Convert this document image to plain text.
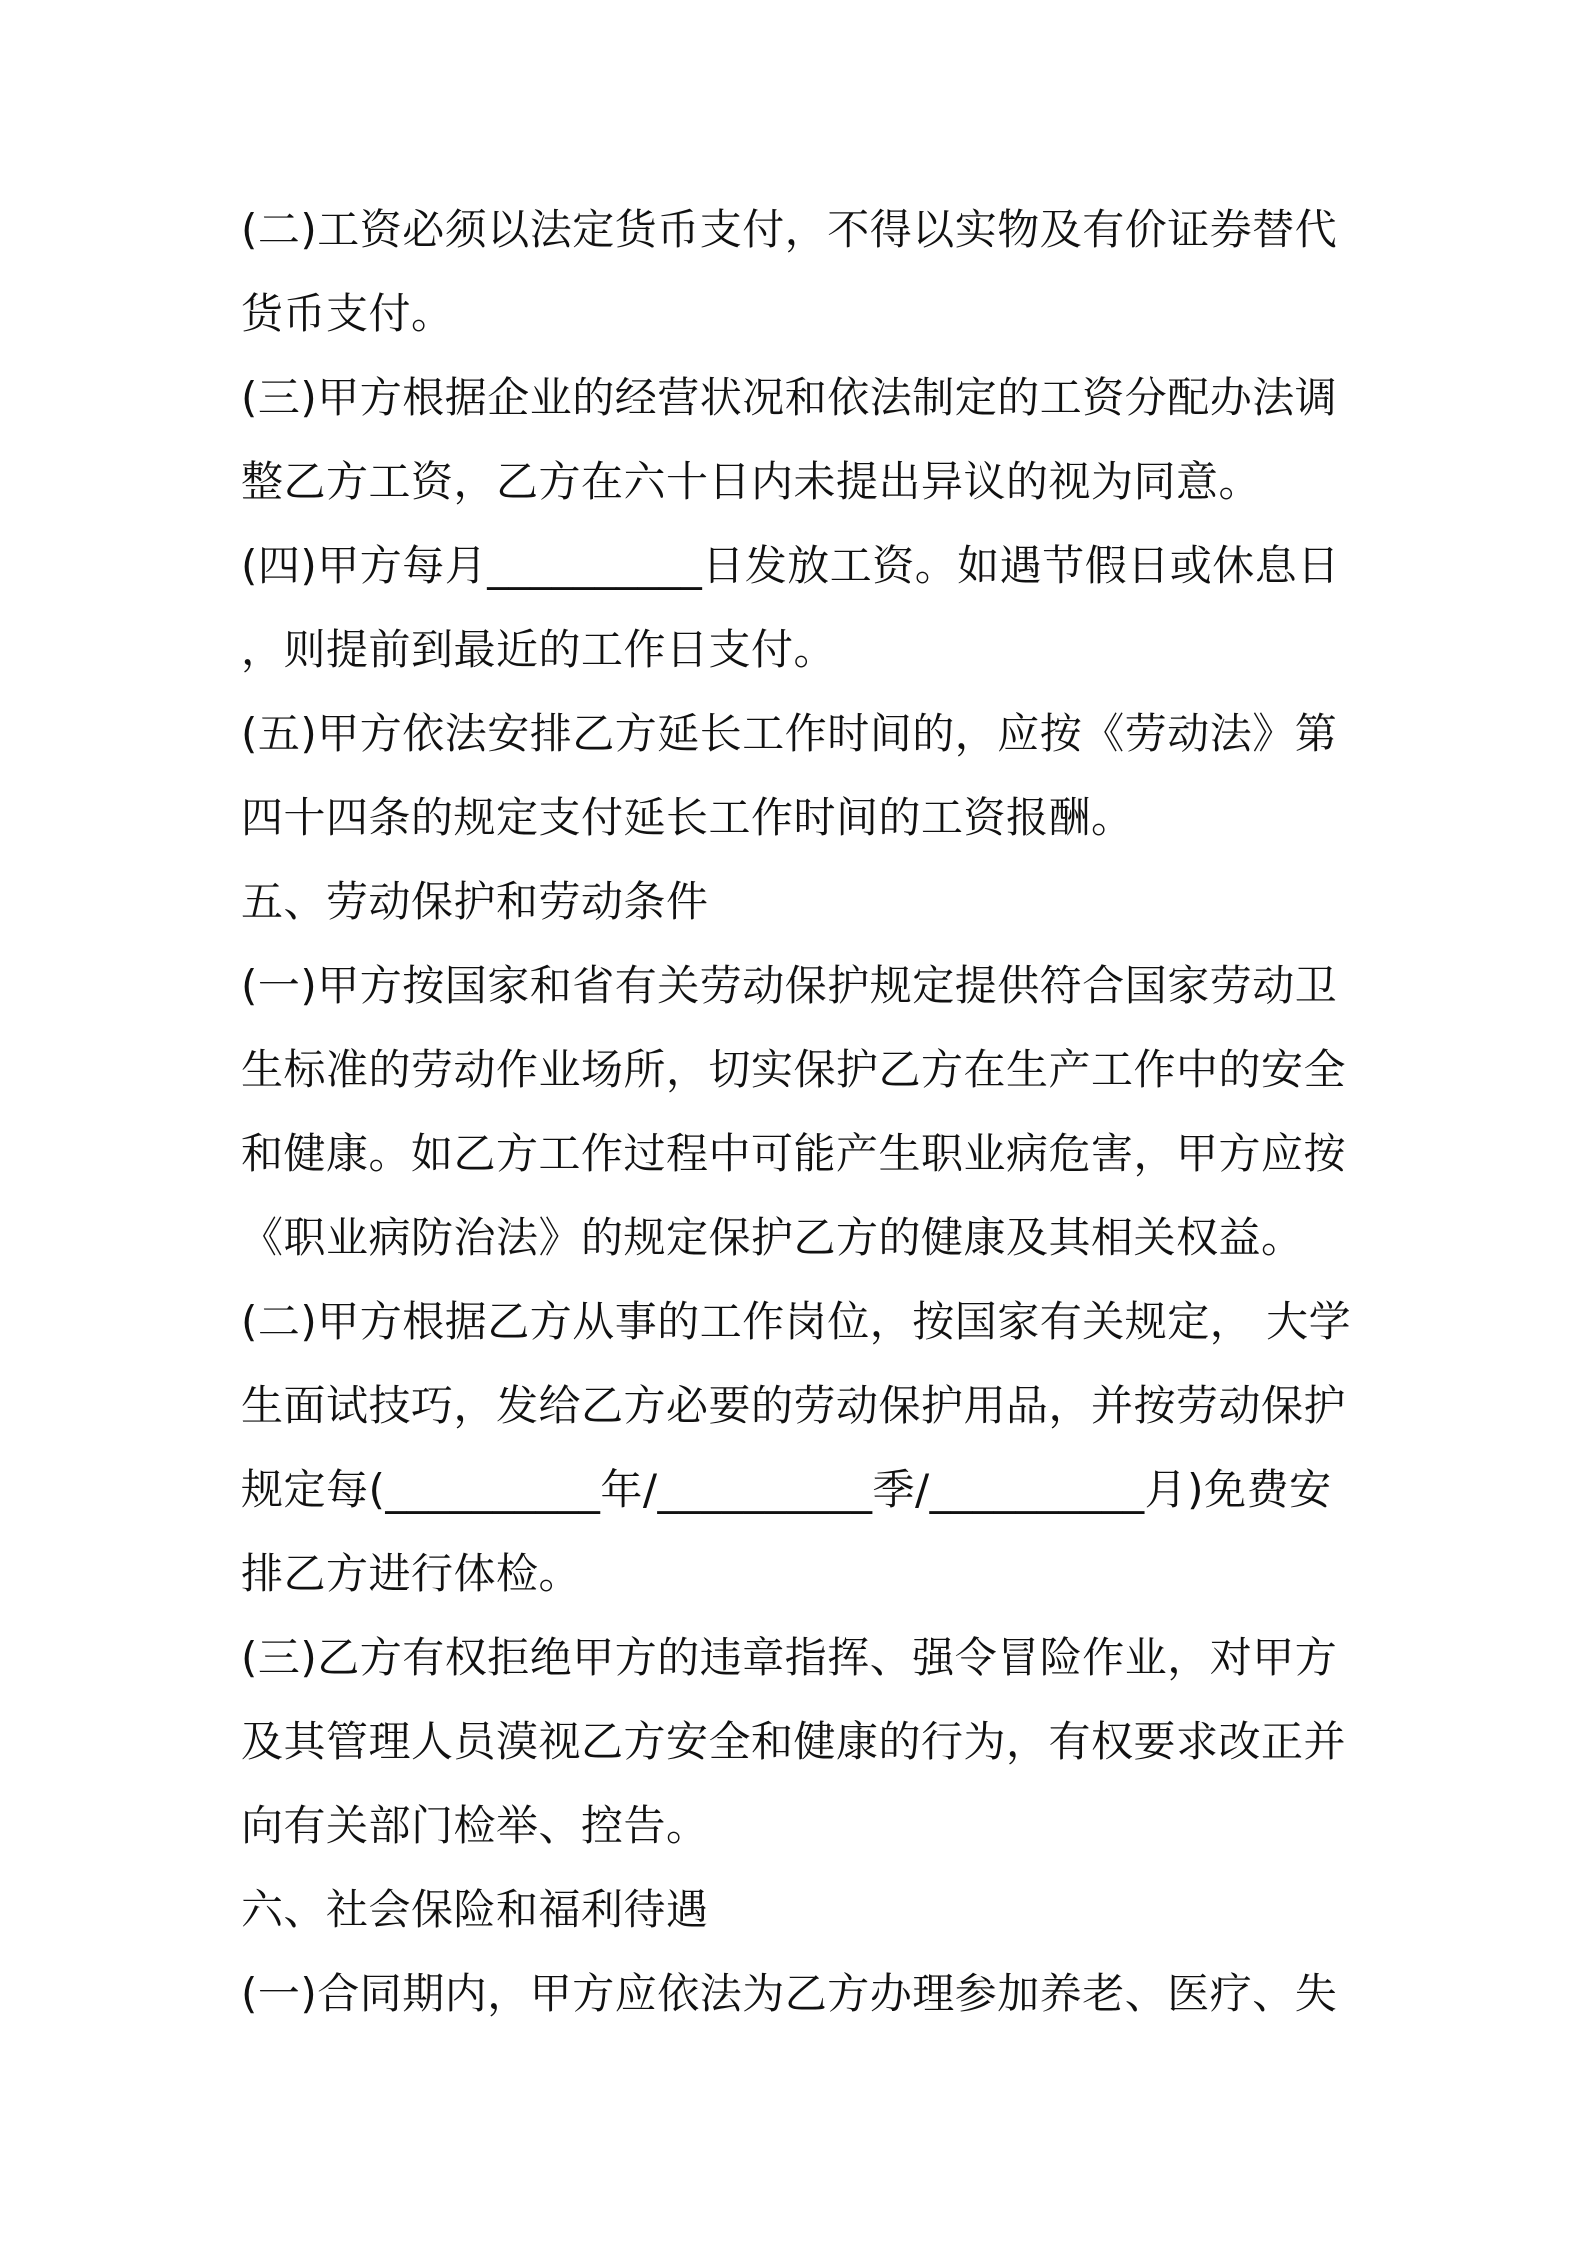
(二)工资必须以法定货币支付，不得以实物及有价证券替代
货币支付。
(三)甲方根据企业的经营状况和依法制定的工资分配办法调
整乙方工资，乙方在六十日内未提出异议的视为同意。
(四)甲方每月__________日发放工资。如遇节假日或休息日
，则提前到最近的工作日支付。
(五)甲方依法安排乙方延长工作时间的，应按《劳动法》第
四十四条的规定支付延长工作时间的工资报酬。
五、劳动保护和劳动条件
(一)甲方按国家和省有关劳动保护规定提供符合国家劳动卫
生标准的劳动作业场所，切实保护乙方在生产工作中的安全
和健康。如乙方工作过程中可能产生职业病危害，甲方应按
《职业病防治法》的规定保护乙方的健康及其相关权益。
(二)甲方根据乙方从事的工作岗位，按国家有关规定， 大学
生面试技巧，发给乙方必要的劳动保护用品，并按劳动保护
规定每(__________年/__________季/__________月)免费安
排乙方进行体检。
(三)乙方有权拒绝甲方的违章指挥、强令冒险作业，对甲方
及其管理人员漠视乙方安全和健康的行为，有权要求改正并
向有关部门检举、控告。
六、社会保险和福利待遇
(一)合同期内，甲方应依法为乙方办理参加养老、医疗、失
